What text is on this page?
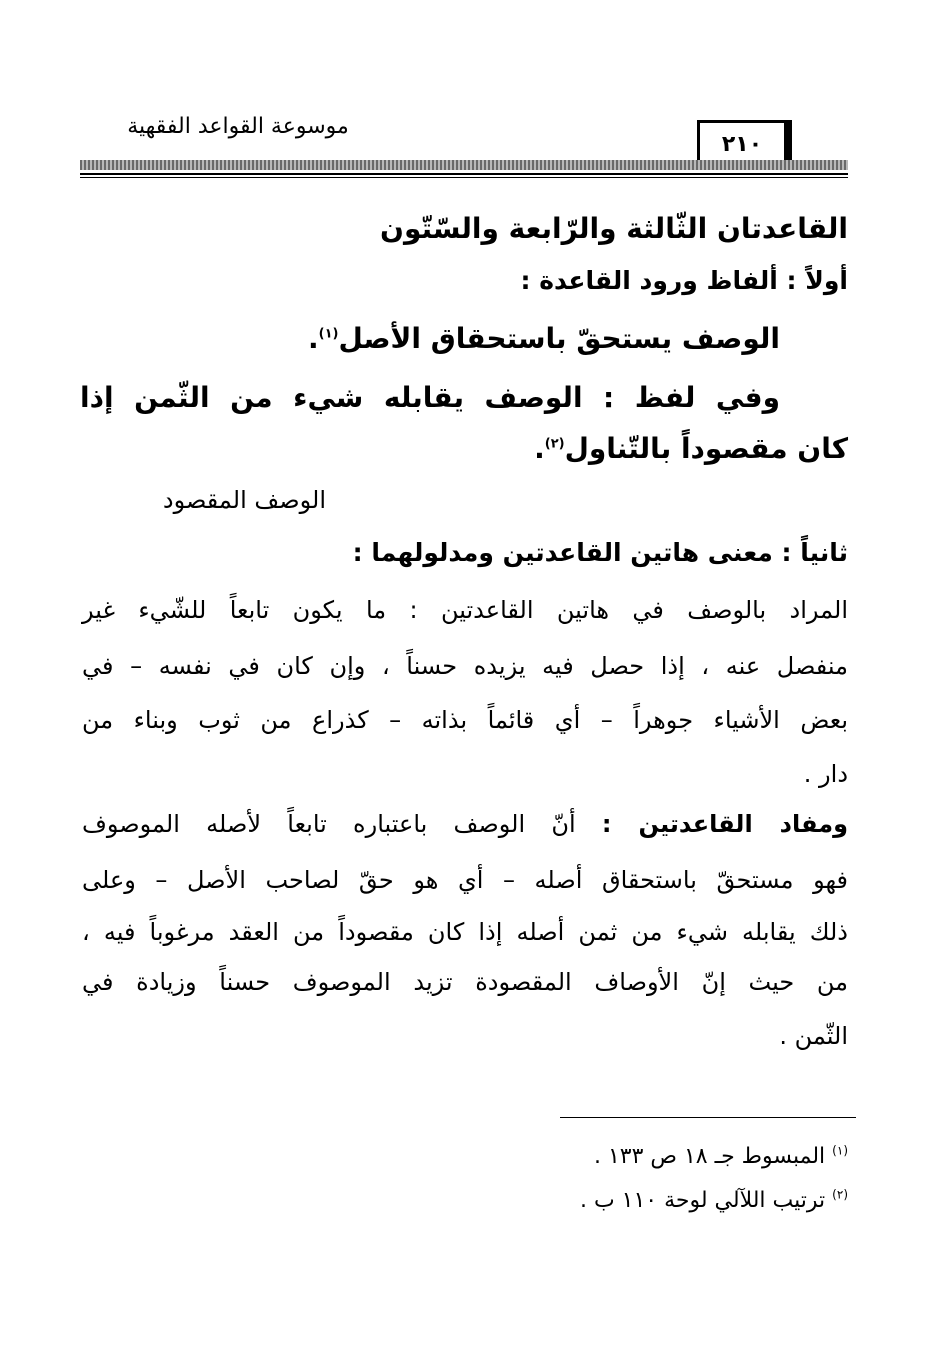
٢١٠
موسوعة القواعد الفقهية
القاعدتان الثّالثة والرّابعة والسّتّون
أولاً : ألفاظ ورود القاعدة :
الوصف يستحقّ باستحقاق الأصل$^{(١)}$.
وفي لفظ : الوصف يقابله شيء من الثّمن إذا
كان مقصوداً بالتّناول$^{(٢)}$.
الوصف المقصود
ثانياً : معنى هاتين القاعدتين ومدلولهما :
المراد بالوصف في هاتين القاعدتين : ما يكون تابعاً للشّيء غير
منفصل عنه ، إذا حصل فيه يزيده حسناً ، وإن كان في نفسه – في
بعض الأشياء جوهراً – أي قائماً بذاته – كذراع من ثوب وبناء من
دار .
ومفاد القاعدتين : أنّ الوصف باعتباره تابعاً لأصله الموصوف
فهو مستحقّ باستحقاق أصله – أي هو حقّ لصاحب الأصل – وعلى
ذلك يقابله شيء من ثمن أصله إذا كان مقصوداً من العقد مرغوباً فيه ،
من حيث إنّ الأوصاف المقصودة تزيد الموصوف حسناً وزيادة في
الثّمن .
$^{(١)}$ المبسوط جـ ١٨ ص ١٣٣ .
$^{(٢)}$ ترتيب اللآلي لوحة ١١٠ ب .
